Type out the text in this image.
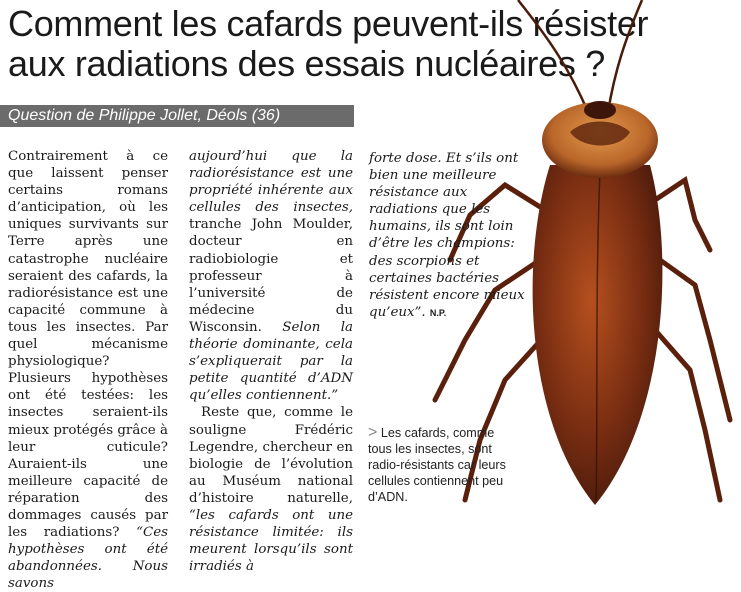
Comment les cafards peuvent-ils résister
aux radiations des essais nucléaires ?
Question de Philippe Jollet, Déols (36)

Contrairement à ce que laissent penser certains romans d’anticipation, où les uniques survivants sur Terre après une catastrophe nucléaire seraient des cafards, la radiorésistance est une capacité commune à tous les insectes. Par quel mécanisme physiologique? Plusieurs hypothèses ont été testées: les insectes seraient-ils mieux protégés grâce à leur cuticule? Auraient-ils une meilleure capacité de réparation des dommages causés par les radiations? “Ces hypothèses ont été abandonnées. Nous savons

aujourd’hui que la radiorésistance est une propriété inhérente aux cellules des insectes, tranche John Moulder, docteur en radiobiologie et professeur à l’université de médecine du Wisconsin. Selon la théorie dominante, cela s’expliquerait par la petite quantité d’ADN qu’elles contiennent.”

Reste que, comme le souligne Frédéric Legendre, chercheur en biologie de l’évolution au Muséum national d’histoire naturelle, “les cafards ont une résistance limitée: ils meurent lorsqu’ils sont irradiés à

forte dose. Et s’ils ont bien une meilleure résistance aux radiations que les humains, ils sont loin d’être les champions: des scorpions et certaines bactéries résistent encore mieux qu’eux”. N.P.

> Les cafards, comme tous les insectes, sont radio-résistants car leurs cellules contiennent peu d’ADN.
